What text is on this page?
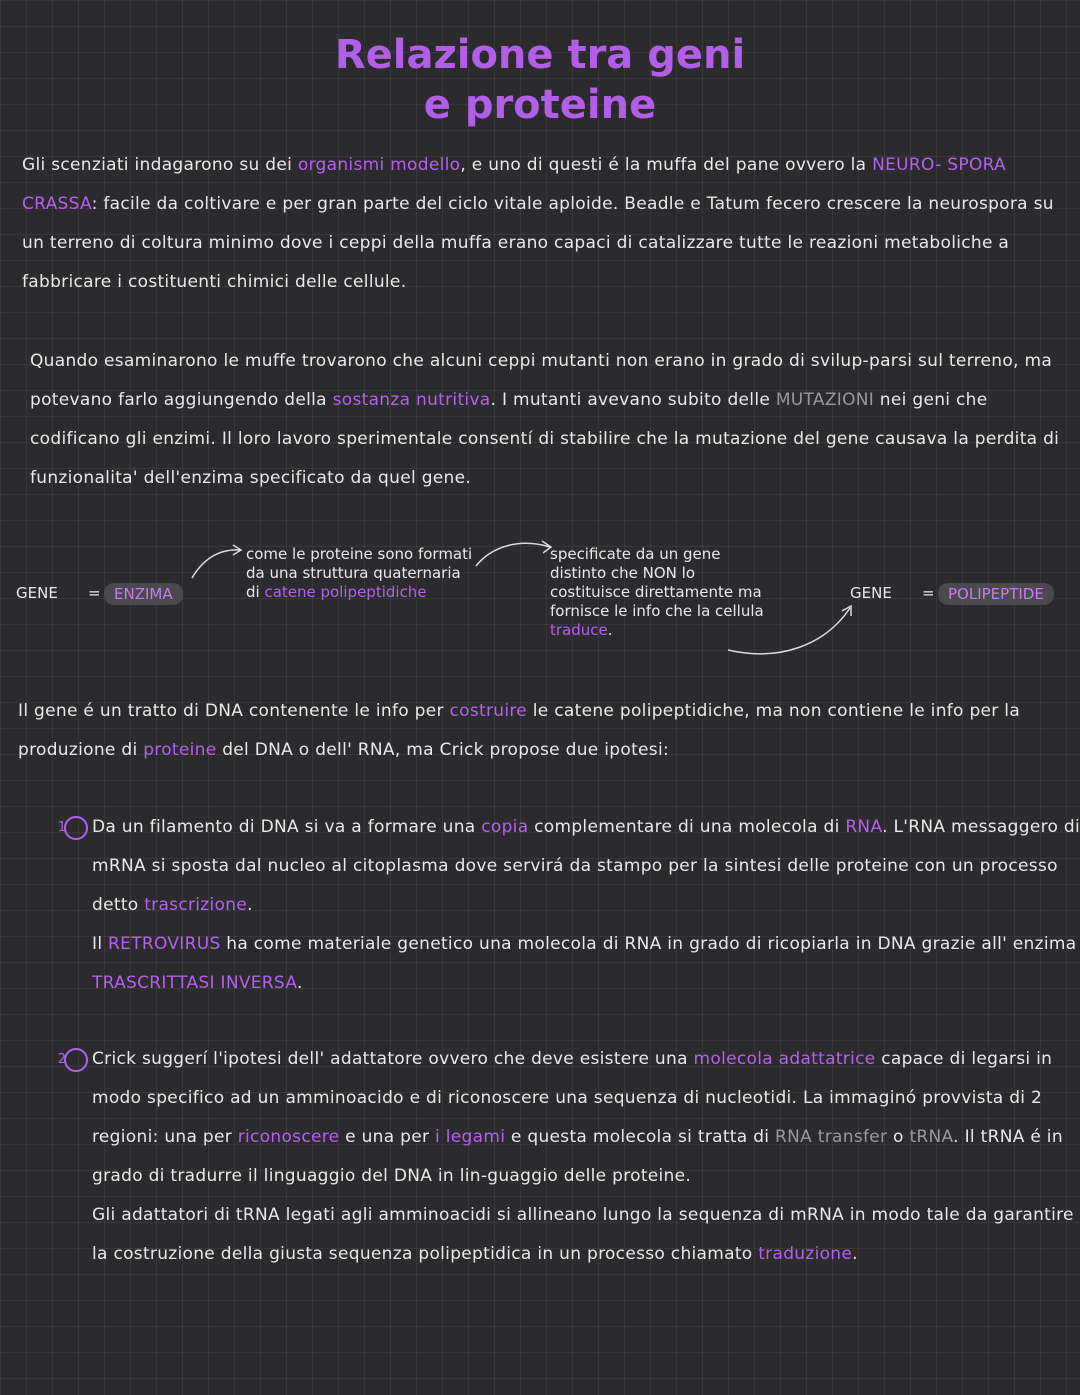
Relazione tra geni
e proteine
Gli scenziati indagarono su dei organismi modello, e uno di questi é la muffa del pane ovvero la NEURO- SPORA CRASSA: facile da coltivare e per gran parte del ciclo vitale aploide. Beadle e Tatum fecero crescere la neurospora su un terreno di coltura minimo dove i ceppi della muffa erano capaci di catalizzare tutte le reazioni metaboliche a fabbricare i costituenti chimici delle cellule.
Quando esaminarono le muffe trovarono che alcuni ceppi mutanti non erano in grado di svilup-parsi sul terreno, ma potevano farlo aggiungendo della sostanza nutritiva. I mutanti avevano subito delle MUTAZIONI nei geni che codificano gli enzimi. Il loro lavoro sperimentale consentí di stabilire che la mutazione del gene causava la perdita di funzionalita' dell'enzima specificato da quel gene.
GENE = ENZIMA
come le proteine sono formati da una struttura quaternaria di catene polipeptidiche
specificate da un gene distinto che NON lo costituisce direttamente ma fornisce le info che la cellula traduce.
GENE = POLIPEPTIDE
Il gene é un tratto di DNA contenente le info per costruire le catene polipeptidiche, ma non contiene le info per la produzione di proteine del DNA o dell' RNA, ma Crick propose due ipotesi:
1 Da un filamento di DNA si va a formare una copia complementare di una molecola di RNA. L'RNA messaggero di mRNA si sposta dal nucleo al citoplasma dove servirá da stampo per la sintesi delle proteine con un processo detto trascrizione.
Il RETROVIRUS ha come materiale genetico una molecola di RNA in grado di ricopiarla in DNA grazie all' enzima TRASCRITTASI INVERSA.
2 Crick suggerí l'ipotesi dell' adattatore ovvero che deve esistere una molecola adattatrice capace di legarsi in modo specifico ad un amminoacido e di riconoscere una sequenza di nucleotidi. La immaginó provvista di 2 regioni: una per riconoscere e una per i legami e questa molecola si tratta di RNA transfer o tRNA. Il tRNA é in grado di tradurre il linguaggio del DNA in lin-guaggio delle proteine.
Gli adattatori di tRNA legati agli amminoacidi si allineano lungo la sequenza di mRNA in modo tale da garantire la costruzione della giusta sequenza polipeptidica in un processo chiamato traduzione.
